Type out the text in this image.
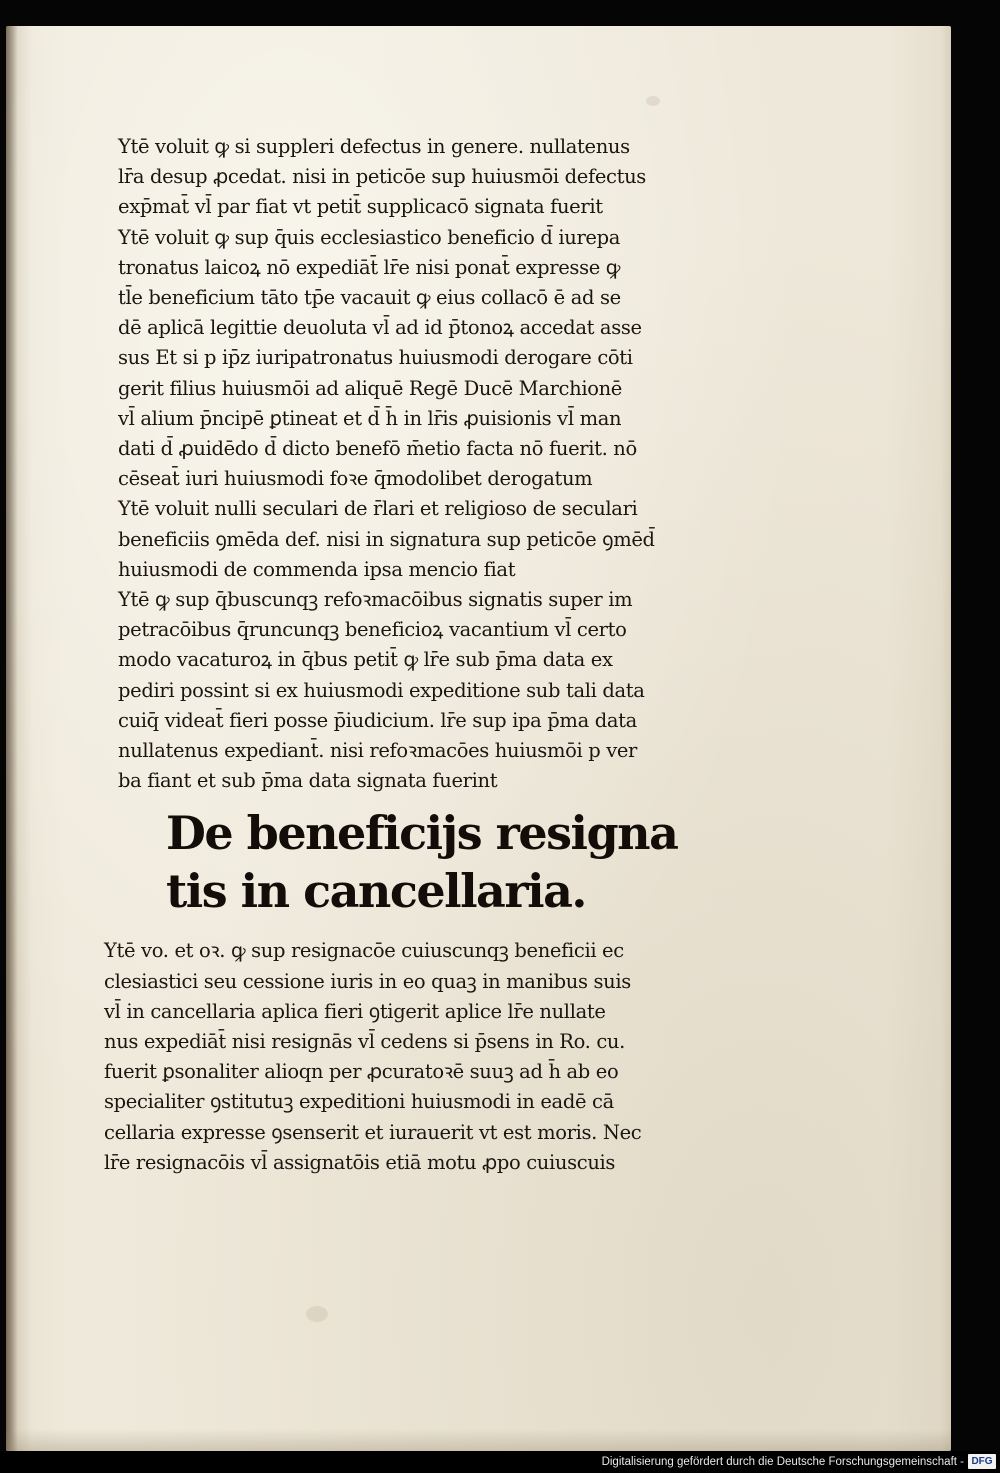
Ytē voluit ꝙ si suppleri defectus in genere. nullatenus
lr̄a desup ꝓcedat. nisi in peticōe sup huiusmōi defectus
exp̄mat̄ vl̄ par fiat vt petit̄ supplicacō signata fuerit
Ytē voluit ꝙ sup q̄uis ecclesiastico beneficio d̄ iurepa
tronatus laicoꝝ nō expediāt̄ lr̄e nisi ponat̄ expresse ꝙ
tl̄e beneficium tāto tp̄e vacauit ꝙ eius collacō ē ad se
dē aplicā legittie deuoluta vl̄ ad id p̄tonoꝝ accedat asse
sus Et si p ip̄z iuripatronatus huiusmodi derogare cōti
gerit filius huiusmōi ad aliquē Regē Ducē Marchionē
vl̄ alium p̄ncipē ꝑtineat et d̄ h̄ in lr̄is ꝓuisionis vl̄ man
dati d̄ ꝓuidēdo d̄ dicto benefō m̄etio facta nō fuerit. nō
cēseat̄ iuri huiusmodi foꝛe q̄modolibet derogatum
Ytē voluit nulli seculari de r̄lari et religioso de seculari
beneficiis ꝯmēda def. nisi in signatura sup peticōe ꝯmēd̄
huiusmodi de commenda ipsa mencio fiat
Ytē ꝙ sup q̄buscunqꝫ refoꝛmacōibus signatis super im
petracōibus q̄runcunqꝫ beneficioꝝ vacantium vl̄ certo
modo vacaturoꝝ in q̄bus petit̄ ꝙ lr̄e sub p̄ma data ex
pediri possint si ex huiusmodi expeditione sub tali data
cuiq̄ videat̄ fieri posse p̄iudicium. lr̄e sup ipa p̄ma data
nullatenus expediant̄. nisi refoꝛmacōes huiusmōi p ver
ba fiant et sub p̄ma data signata fuerint
De beneficijs resigna
tis in cancellaria.
Ytē vo. et oꝛ. ꝙ sup resignacōe cuiuscunqꝫ beneficii ec
clesiastici seu cessione iuris in eo quaꝫ in manibus suis
vl̄ in cancellaria aplica fieri ꝯtigerit aplice lr̄e nullate
nus expediāt̄ nisi resignās vl̄ cedens si p̄sens in Ro. cu.
fuerit ꝑsonaliter alioqn per ꝓcuratoꝛē suuꝫ ad h̄ ab eo
specialiter ꝯstitutuꝫ expeditioni huiusmodi in eadē cā
cellaria expresse ꝯsenserit et iurauerit vt est moris. Nec
lr̄e resignacōis vl̄ assignatōis etiā motu ꝓpo cuiuscuis
Digitalisierung gefördert durch die Deutsche Forschungsgemeinschaft - DFG
